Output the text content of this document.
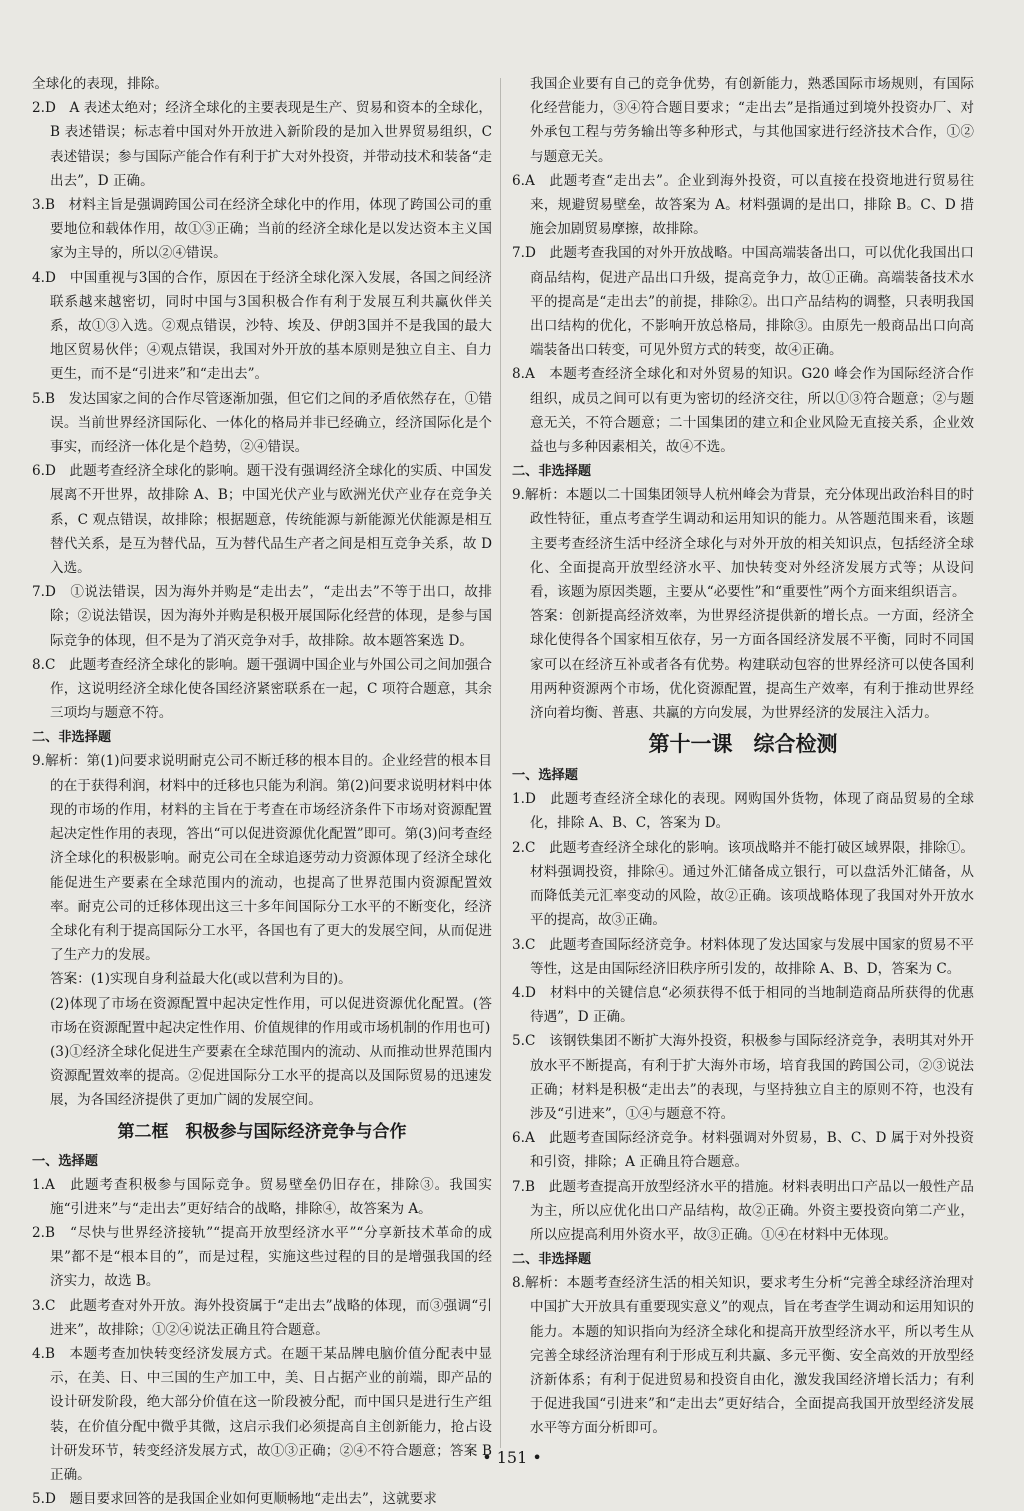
全球化的表现，排除。

2.D　A 表述太绝对；经济全球化的主要表现是生产、贸易和资本的全球化，B 表述错误；标志着中国对外开放进入新阶段的是加入世界贸易组织，C 表述错误；参与国际产能合作有利于扩大对外投资，并带动技术和装备“走出去”，D 正确。

3.B　材料主旨是强调跨国公司在经济全球化中的作用，体现了跨国公司的重要地位和载体作用，故①③正确；当前的经济全球化是以发达资本主义国家为主导的，所以②④错误。

4.D　中国重视与3国的合作，原因在于经济全球化深入发展，各国之间经济联系越来越密切，同时中国与3国积极合作有利于发展互利共赢伙伴关系，故①③入选。②观点错误，沙特、埃及、伊朗3国并不是我国的最大地区贸易伙伴；④观点错误，我国对外开放的基本原则是独立自主、自力更生，而不是“引进来”和“走出去”。

5.B　发达国家之间的合作尽管逐渐加强，但它们之间的矛盾依然存在，①错误。当前世界经济国际化、一体化的格局并非已经确立，经济国际化是个事实，而经济一体化是个趋势，②④错误。

6.D　此题考查经济全球化的影响。题干没有强调经济全球化的实质、中国发展离不开世界，故排除 A、B；中国光伏产业与欧洲光伏产业存在竞争关系，C 观点错误，故排除；根据题意，传统能源与新能源光伏能源是相互替代关系，是互为替代品，互为替代品生产者之间是相互竞争关系，故 D 入选。

7.D　①说法错误，因为海外并购是“走出去”，“走出去”不等于出口，故排除；②说法错误，因为海外并购是积极开展国际化经营的体现，是参与国际竞争的体现，但不是为了消灭竞争对手，故排除。故本题答案选 D。

8.C　此题考查经济全球化的影响。题干强调中国企业与外国公司之间加强合作，这说明经济全球化使各国经济紧密联系在一起，C 项符合题意，其余三项均与题意不符。

二、非选择题

9.解析：第(1)问要求说明耐克公司不断迁移的根本目的。企业经营的根本目的在于获得利润，材料中的迁移也只能为利润。第(2)问要求说明材料中体现的市场的作用，材料的主旨在于考查在市场经济条件下市场对资源配置起决定性作用的表现，答出“可以促进资源优化配置”即可。第(3)问考查经济全球化的积极影响。耐克公司在全球追逐劳动力资源体现了经济全球化能促进生产要素在全球范围内的流动，也提高了世界范围内资源配置效率。耐克公司的迁移体现出这三十多年间国际分工水平的不断变化，经济全球化有利于提高国际分工水平，各国也有了更大的发展空间，从而促进了生产力的发展。

答案：(1)实现自身利益最大化(或以营利为目的)。

(2)体现了市场在资源配置中起决定性作用，可以促进资源优化配置。(答市场在资源配置中起决定性作用、价值规律的作用或市场机制的作用也可)

(3)①经济全球化促进生产要素在全球范围内的流动、从而推动世界范围内资源配置效率的提高。②促进国际分工水平的提高以及国际贸易的迅速发展，为各国经济提供了更加广阔的发展空间。

第二框　积极参与国际经济竞争与合作

一、选择题

1.A　此题考查积极参与国际竞争。贸易壁垒仍旧存在，排除③。我国实施“引进来”与“走出去”更好结合的战略，排除④，故答案为 A。

2.B　“尽快与世界经济接轨”“提高开放型经济水平”“分享新技术革命的成果”都不是“根本目的”，而是过程，实施这些过程的目的是增强我国的经济实力，故选 B。

3.C　此题考查对外开放。海外投资属于“走出去”战略的体现，而③强调“引进来”，故排除；①②④说法正确且符合题意。

4.B　本题考查加快转变经济发展方式。在题干某品牌电脑价值分配表中显示，在美、日、中三国的生产加工中，美、日占据产业的前端，即产品的设计研发阶段，绝大部分价值在这一阶段被分配，而中国只是进行生产组装，在价值分配中微乎其微，这启示我们必须提高自主创新能力，抢占设计研发环节，转变经济发展方式，故①③正确；②④不符合题意；答案 B 正确。

5.D　题目要求回答的是我国企业如何更顺畅地“走出去”，这就要求

我国企业要有自己的竞争优势，有创新能力，熟悉国际市场规则，有国际化经营能力，③④符合题目要求；“走出去”是指通过到境外投资办厂、对外承包工程与劳务输出等多种形式，与其他国家进行经济技术合作，①②与题意无关。

6.A　此题考查“走出去”。企业到海外投资，可以直接在投资地进行贸易往来，规避贸易壁垒，故答案为 A。材料强调的是出口，排除 B。C、D 措施会加剧贸易摩擦，故排除。

7.D　此题考查我国的对外开放战略。中国高端装备出口，可以优化我国出口商品结构，促进产品出口升级，提高竞争力，故①正确。高端装备技术水平的提高是“走出去”的前提，排除②。出口产品结构的调整，只表明我国出口结构的优化，不影响开放总格局，排除③。由原先一般商品出口向高端装备出口转变，可见外贸方式的转变，故④正确。

8.A　本题考查经济全球化和对外贸易的知识。G20 峰会作为国际经济合作组织，成员之间可以有更为密切的经济交往，所以①③符合题意；②与题意无关，不符合题意；二十国集团的建立和企业风险无直接关系，企业效益也与多种因素相关，故④不选。

二、非选择题

9.解析：本题以二十国集团领导人杭州峰会为背景，充分体现出政治科目的时政性特征，重点考查学生调动和运用知识的能力。从答题范围来看，该题主要考查经济生活中经济全球化与对外开放的相关知识点，包括经济全球化、全面提高开放型经济水平、加快转变对外经济发展方式等；从设问看，该题为原因类题，主要从“必要性”和“重要性”两个方面来组织语言。

答案：创新提高经济效率，为世界经济提供新的增长点。一方面，经济全球化使得各个国家相互依存，另一方面各国经济发展不平衡，同时不同国家可以在经济互补或者各有优势。构建联动包容的世界经济可以使各国利用两种资源两个市场，优化资源配置，提高生产效率，有利于推动世界经济向着均衡、普惠、共赢的方向发展，为世界经济的发展注入活力。

第十一课　综合检测

一、选择题

1.D　此题考查经济全球化的表现。网购国外货物，体现了商品贸易的全球化，排除 A、B、C，答案为 D。

2.C　此题考查经济全球化的影响。该项战略并不能打破区域界限，排除①。材料强调投资，排除④。通过外汇储备成立银行，可以盘活外汇储备，从而降低美元汇率变动的风险，故②正确。该项战略体现了我国对外开放水平的提高，故③正确。

3.C　此题考查国际经济竞争。材料体现了发达国家与发展中国家的贸易不平等性，这是由国际经济旧秩序所引发的，故排除 A、B、D，答案为 C。

4.D　材料中的关键信息“必须获得不低于相同的当地制造商品所获得的优惠待遇”，D 正确。

5.C　该钢铁集团不断扩大海外投资，积极参与国际经济竞争，表明其对外开放水平不断提高，有利于扩大海外市场，培育我国的跨国公司，②③说法正确；材料是积极“走出去”的表现，与坚持独立自主的原则不符，也没有涉及“引进来”，①④与题意不符。

6.A　此题考查国际经济竞争。材料强调对外贸易，B、C、D 属于对外投资和引资，排除；A 正确且符合题意。

7.B　此题考查提高开放型经济水平的措施。材料表明出口产品以一般性产品为主，所以应优化出口产品结构，故②正确。外资主要投资向第二产业，所以应提高利用外资水平，故③正确。①④在材料中无体现。

二、非选择题

8.解析：本题考查经济生活的相关知识，要求考生分析“完善全球经济治理对中国扩大开放具有重要现实意义”的观点，旨在考查学生调动和运用知识的能力。本题的知识指向为经济全球化和提高开放型经济水平，所以考生从完善全球经济治理有利于形成互利共赢、多元平衡、安全高效的开放型经济新体系；有利于促进贸易和投资自由化，激发我国经济增长活力；有利于促进我国“引进来”和“走出去”更好结合，全面提高我国开放型经济发展水平等方面分析即可。

• 151 •
